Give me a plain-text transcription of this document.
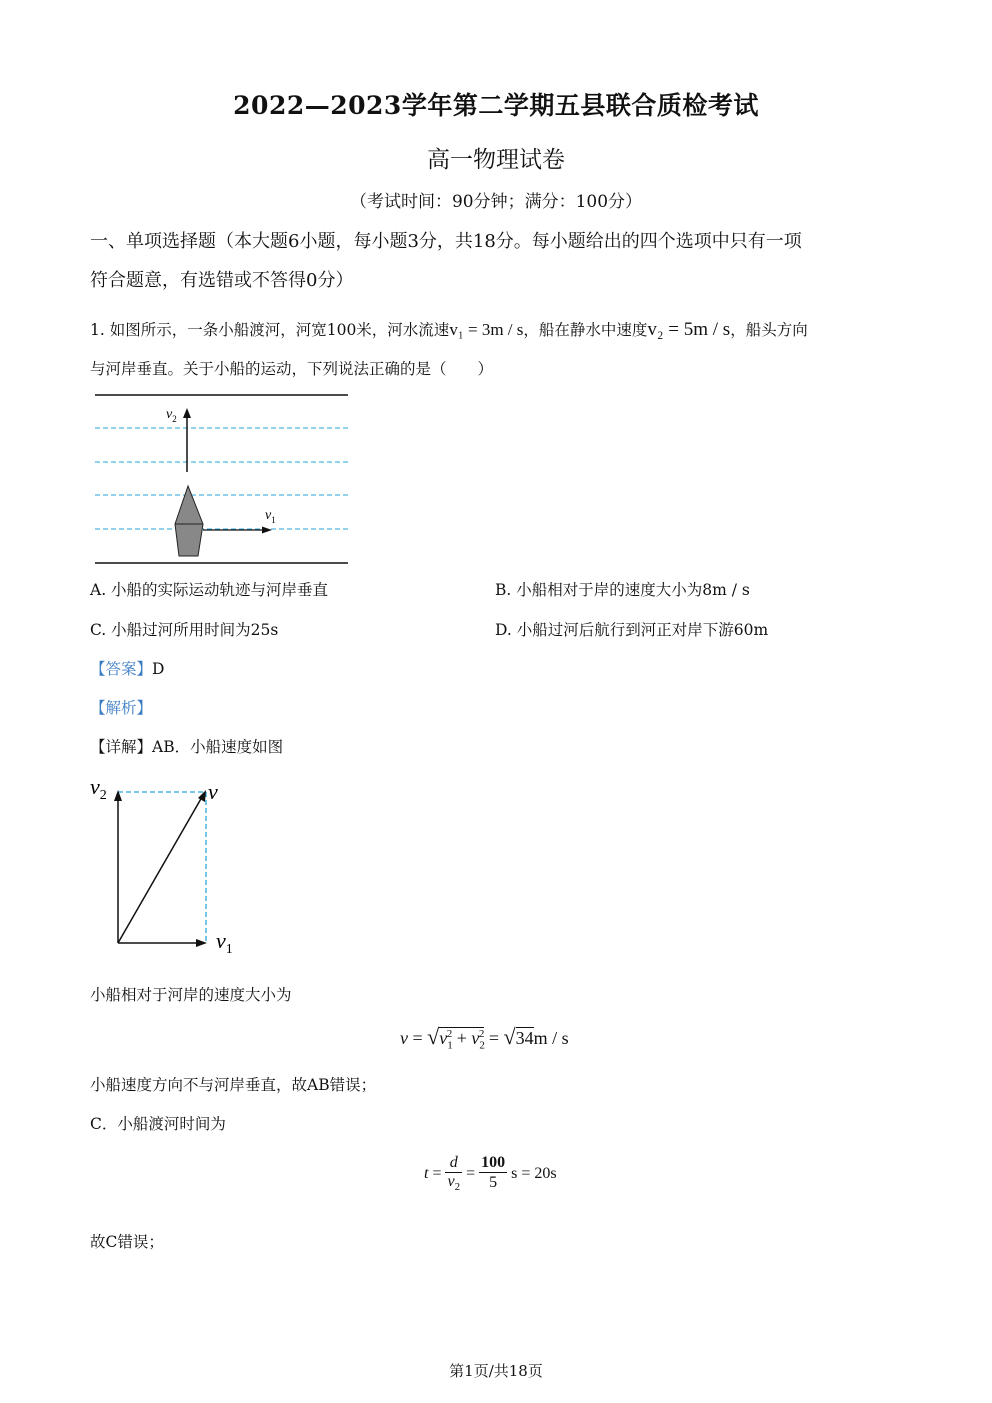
2022—2023学年第二学期五县联合质检考试
高一物理试卷
（考试时间：90分钟；满分：100分）
一、单项选择题（本大题6小题，每小题3分，共18分。每小题给出的四个选项中只有一项
符合题意，有选错或不答得0分）
1. 如图所示，一条小船渡河，河宽100米，河水流速v₁ = 3m / s，船在静水中速度v₂ = 5m / s，船头方向
与河岸垂直。关于小船的运动，下列说法正确的是（　　）
$v_2$
$v_1$
A. 小船的实际运动轨迹与河岸垂直	B. 小船相对于岸的速度大小为8m / s
C. 小船过河所用时间为25s	D. 小船过河后航行到河正对岸下游60m
【答案】D
【解析】
【详解】AB．小船速度如图
$v_2$	v
$v_1$
小船相对于河岸的速度大小为
$v = √v_1^2 + v_2^2 = √34m / s$
小船速度方向不与河岸垂直，故AB错误；
C．小船渡河时间为
t =	d	=	100	s = 20s
	$v_2$		5	
故C错误；
第1页/共18页
